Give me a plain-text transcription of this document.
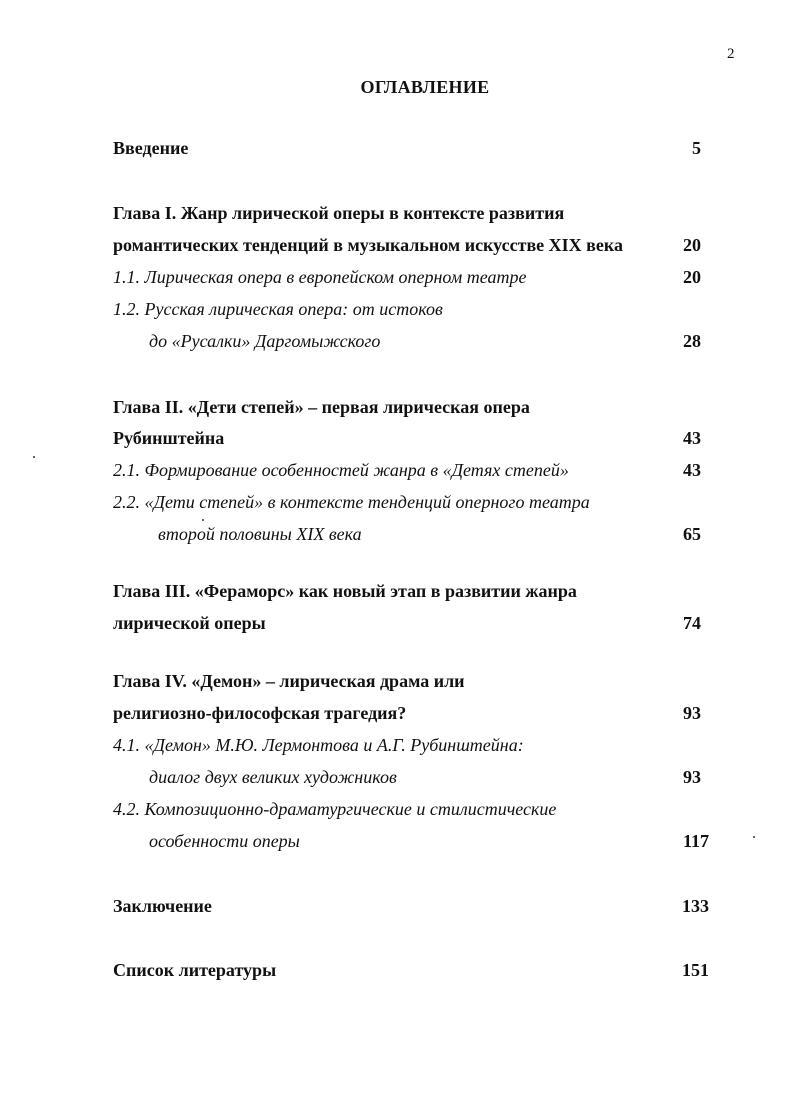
2
ОГЛАВЛЕНИЕ
Введение	5
Глава I. Жанр лирической оперы в контексте развития
романтических тенденций в музыкальном искусстве XIX века	20
1.1. Лирическая опера в европейском оперном театре	20
1.2. Русская лирическая опера: от истоков
до «Русалки» Даргомыжского	28
Глава II. «Дети степей» – первая лирическая опера
Рубинштейна	43
2.1. Формирование особенностей жанра в «Детях степей»	43
2.2. «Дети степей» в контексте тенденций оперного театра
второй половины XIX века	65
Глава III. «Фераморс» как новый этап в развитии жанра
лирической оперы	74
Глава IV. «Демон» – лирическая драма или
религиозно-философская трагедия?	93
4.1. «Демон» М.Ю. Лермонтова и А.Г. Рубинштейна:
диалог двух великих художников	93
4.2. Композиционно-драматургические и стилистические
особенности оперы	117
Заключение	133
Список литературы	151
